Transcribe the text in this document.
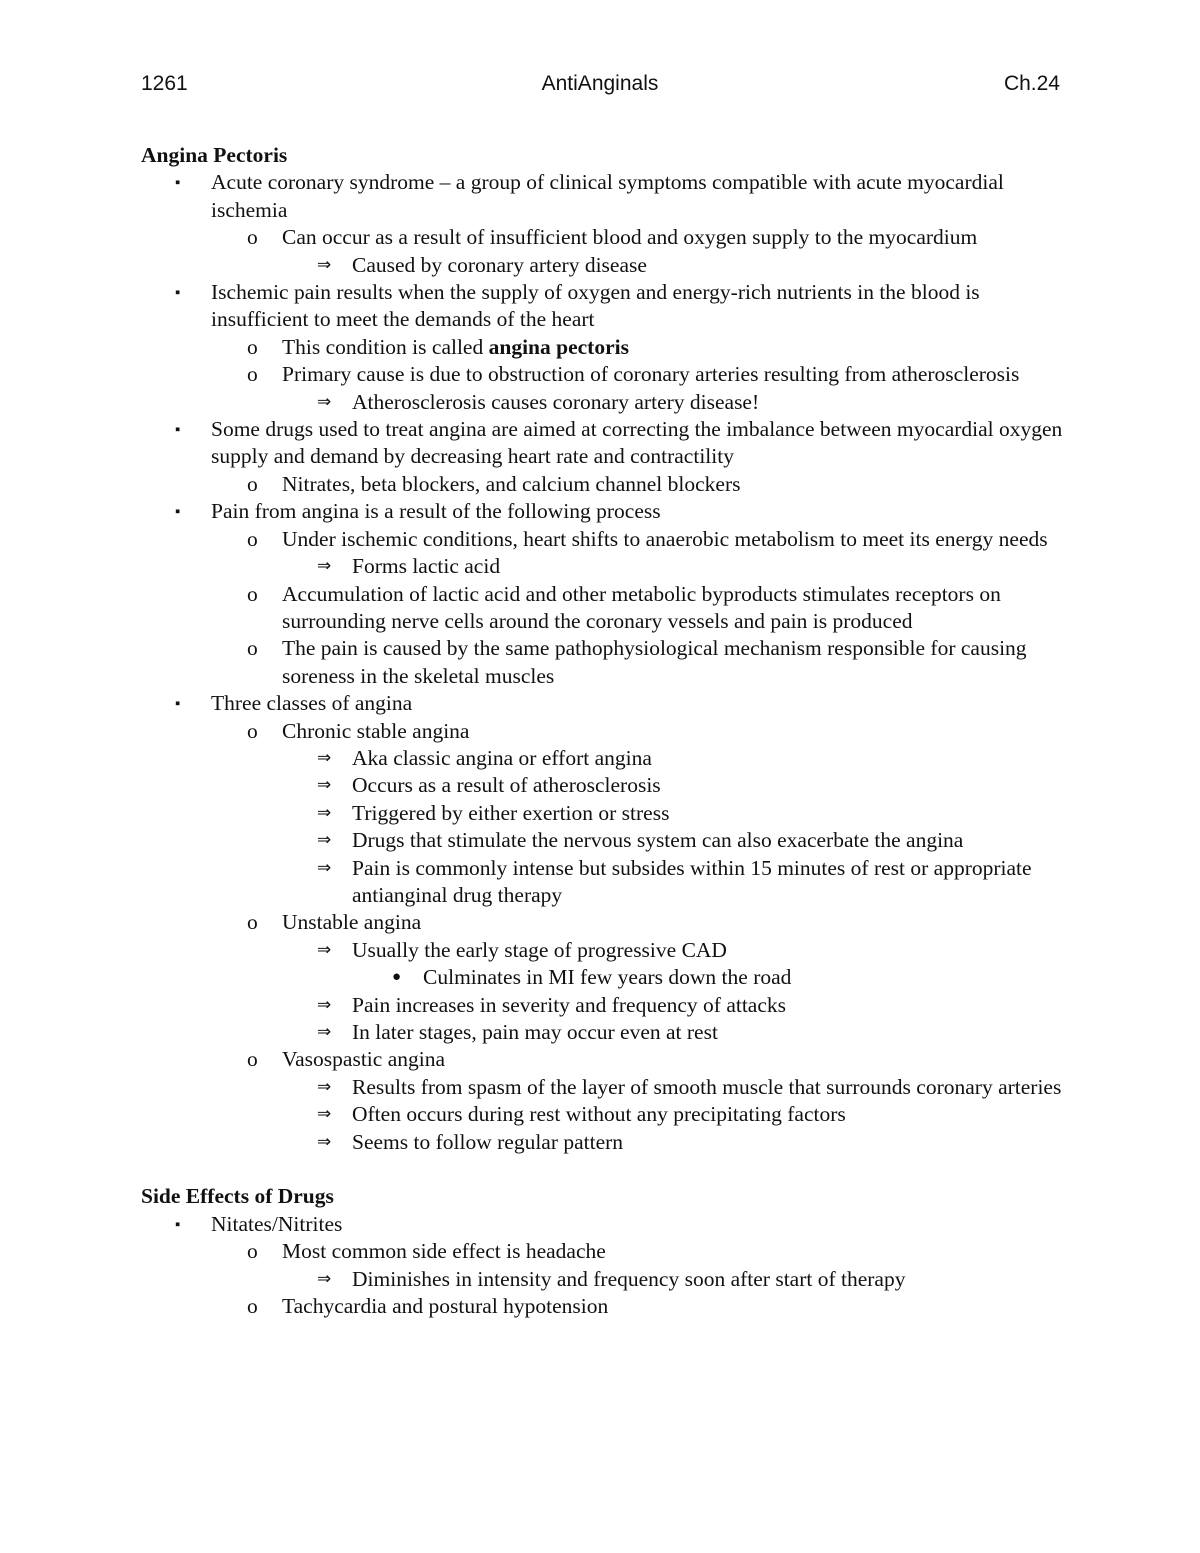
1261	AntiAnginals	Ch.24
Angina Pectoris
▪ Acute coronary syndrome – a group of clinical symptoms compatible with acute myocardial ischemia
o Can occur as a result of insufficient blood and oxygen supply to the myocardium
⇒ Caused by coronary artery disease
▪ Ischemic pain results when the supply of oxygen and energy-rich nutrients in the blood is insufficient to meet the demands of the heart
o This condition is called angina pectoris
o Primary cause is due to obstruction of coronary arteries resulting from atherosclerosis
⇒ Atherosclerosis causes coronary artery disease!
▪ Some drugs used to treat angina are aimed at correcting the imbalance between myocardial oxygen supply and demand by decreasing heart rate and contractility
o Nitrates, beta blockers, and calcium channel blockers
▪ Pain from angina is a result of the following process
o Under ischemic conditions, heart shifts to anaerobic metabolism to meet its energy needs
⇒ Forms lactic acid
o Accumulation of lactic acid and other metabolic byproducts stimulates receptors on surrounding nerve cells around the coronary vessels and pain is produced
o The pain is caused by the same pathophysiological mechanism responsible for causing soreness in the skeletal muscles
▪ Three classes of angina
o Chronic stable angina
⇒ Aka classic angina or effort angina
⇒ Occurs as a result of atherosclerosis
⇒ Triggered by either exertion or stress
⇒ Drugs that stimulate the nervous system can also exacerbate the angina
⇒ Pain is commonly intense but subsides within 15 minutes of rest or appropriate antianginal drug therapy
o Unstable angina
⇒ Usually the early stage of progressive CAD
● Culminates in MI few years down the road
⇒ Pain increases in severity and frequency of attacks
⇒ In later stages, pain may occur even at rest
o Vasospastic angina
⇒ Results from spasm of the layer of smooth muscle that surrounds coronary arteries
⇒ Often occurs during rest without any precipitating factors
⇒ Seems to follow regular pattern
Side Effects of Drugs
▪ Nitates/Nitrites
o Most common side effect is headache
⇒ Diminishes in intensity and frequency soon after start of therapy
o Tachycardia and postural hypotension
